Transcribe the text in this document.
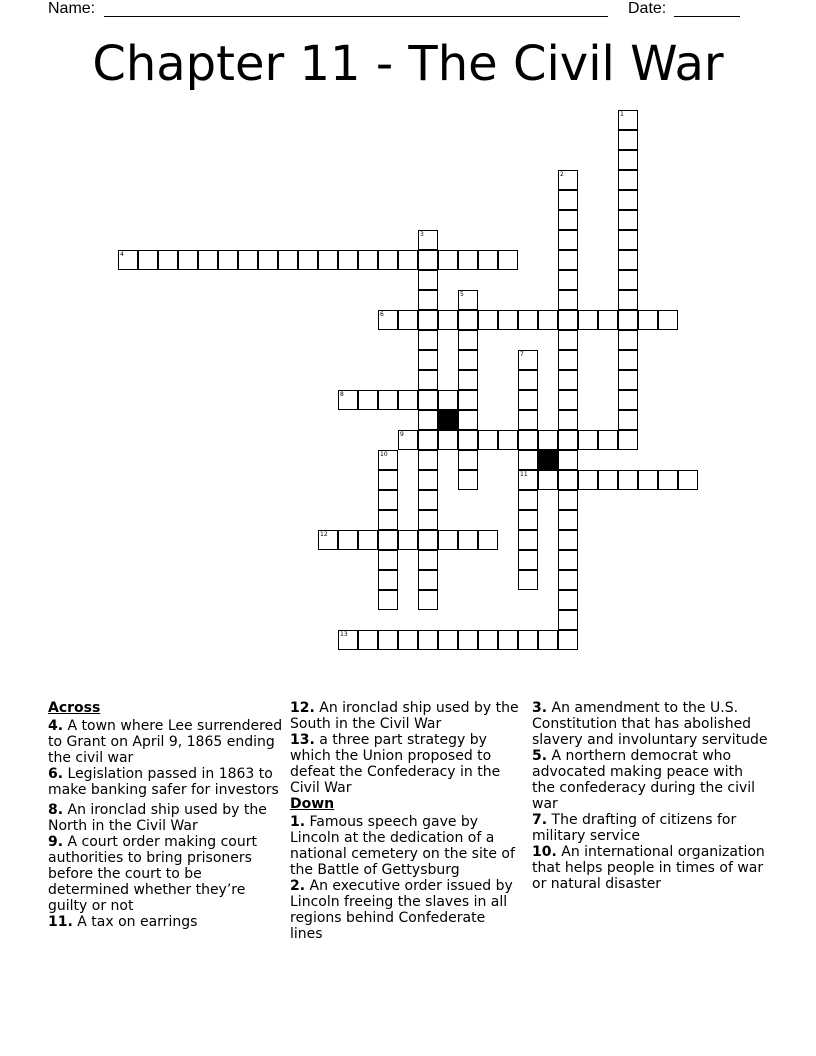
Name:	Date:
Chapter 11 - The Civil War
1
2
3
4
5
6
7
11
8
9
10
12
13
Across

4. A town where Lee surrendered to Grant on April 9, 1865 ending the civil war

6. Legislation passed in 1863 to make banking safer for investors

8. An ironclad ship used by the North in the Civil War

9. A court order making court authorities to bring prisoners before the court to be determined whether they’re guilty or not

11. A tax on earrings

12. An ironclad ship used by the South in the Civil War

13. a three part strategy by which the Union proposed to defeat the Confederacy in the Civil War

Down

1. Famous speech gave by Lincoln at the dedication of a national cemetery on the site of the Battle of Gettysburg

2. An executive order issued by Lincoln freeing the slaves in all regions behind Confederate lines

3. An amendment to the U.S. Constitution that has abolished slavery and involuntary servitude

5. A northern democrat who advocated making peace with the confederacy during the civil war

7. The drafting of citizens for military service

10. An international organization that helps people in times of war or natural disaster
